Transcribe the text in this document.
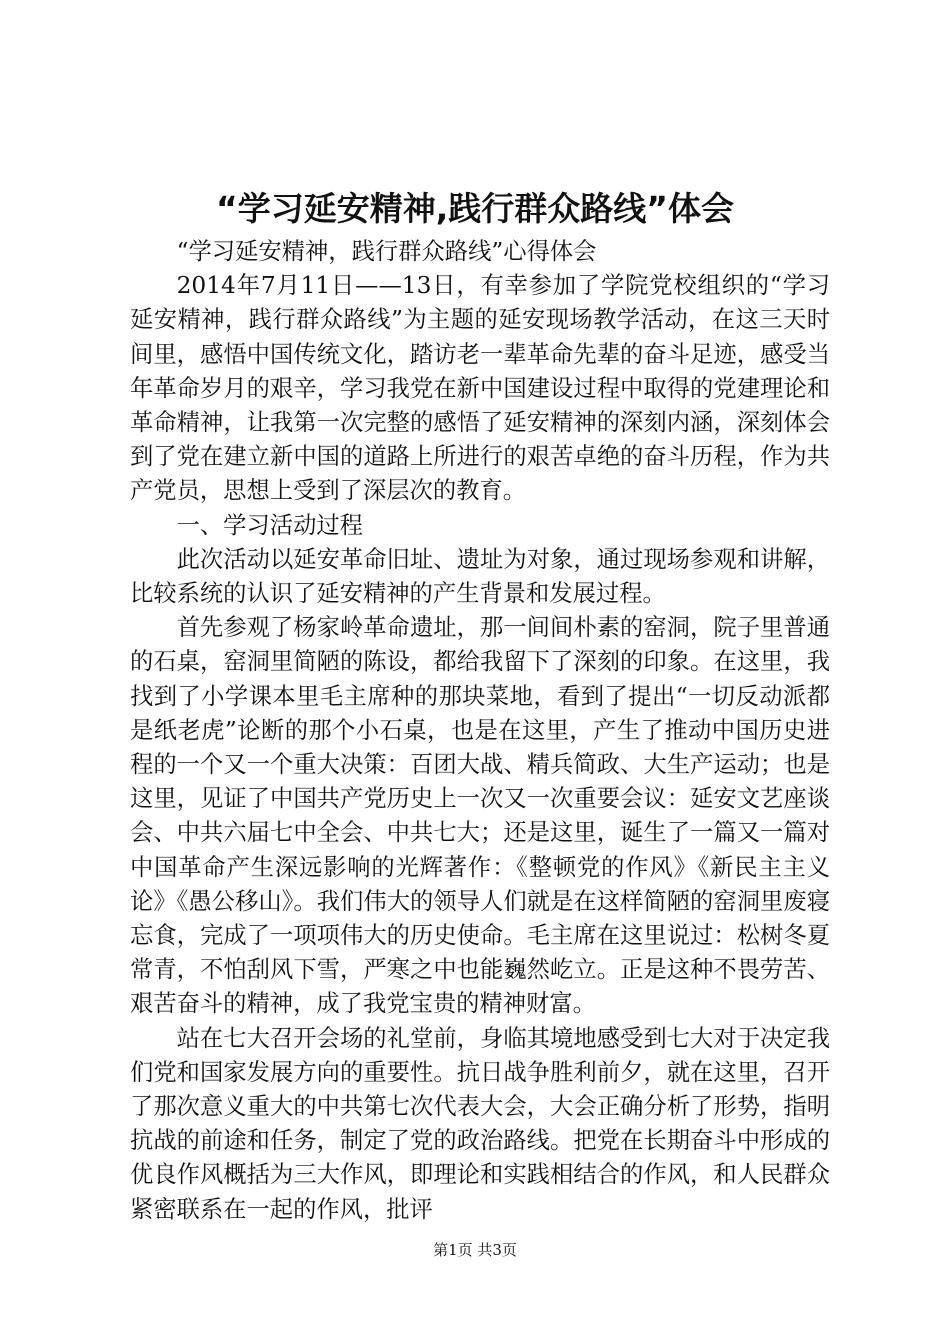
“学习延安精神,践行群众路线”体会

“学习延安精神，践行群众路线”心得体会

2014年7月11日——13日，有幸参加了学院党校组织的“学习延安精神，践行群众路线”为主题的延安现场教学活动，在这三天时间里，感悟中国传统文化，踏访老一辈革命先辈的奋斗足迹，感受当年革命岁月的艰辛，学习我党在新中国建设过程中取得的党建理论和革命精神，让我第一次完整的感悟了延安精神的深刻内涵，深刻体会到了党在建立新中国的道路上所进行的艰苦卓绝的奋斗历程，作为共产党员，思想上受到了深层次的教育。

一、学习活动过程

此次活动以延安革命旧址、遗址为对象，通过现场参观和讲解，比较系统的认识了延安精神的产生背景和发展过程。

首先参观了杨家岭革命遗址，那一间间朴素的窑洞，院子里普通的石桌，窑洞里简陋的陈设，都给我留下了深刻的印象。在这里，我找到了小学课本里毛主席种的那块菜地，看到了提出“一切反动派都是纸老虎”论断的那个小石桌，也是在这里，产生了推动中国历史进程的一个又一个重大决策：百团大战、精兵简政、大生产运动；也是这里，见证了中国共产党历史上一次又一次重要会议：延安文艺座谈会、中共六届七中全会、中共七大；还是这里，诞生了一篇又一篇对中国革命产生深远影响的光辉著作：《整顿党的作风》《新民主主义论》《愚公移山》。我们伟大的领导人们就是在这样简陋的窑洞里废寝忘食，完成了一项项伟大的历史使命。毛主席在这里说过：松树冬夏常青，不怕刮风下雪，严寒之中也能巍然屹立。正是这种不畏劳苦、艰苦奋斗的精神，成了我党宝贵的精神财富。

站在七大召开会场的礼堂前，身临其境地感受到七大对于决定我们党和国家发展方向的重要性。抗日战争胜利前夕，就在这里，召开了那次意义重大的中共第七次代表大会，大会正确分析了形势，指明抗战的前途和任务，制定了党的政治路线。把党在长期奋斗中形成的优良作风概括为三大作风，即理论和实践相结合的作风，和人民群众紧密联系在一起的作风，批评

第1页 共3页
